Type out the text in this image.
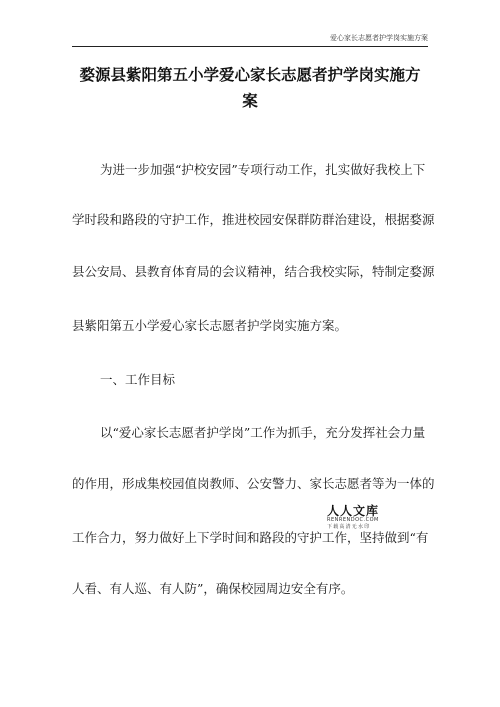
爱心家长志愿者护学岗实施方案
婺源县紫阳第五小学爱心家长志愿者护学岗实施方
案
为进一步加强“护校安园”专项行动工作，扎实做好我校上下
学时段和路段的守护工作，推进校园安保群防群治建设，根据婺源
县公安局、县教育体育局的会议精神，结合我校实际，特制定婺源
县紫阳第五小学爱心家长志愿者护学岗实施方案。
一、工作目标
以“爱心家长志愿者护学岗”工作为抓手，充分发挥社会力量
的作用，形成集校园值岗教师、公安警力、家长志愿者等为一体的
工作合力，努力做好上下学时间和路段的守护工作，坚持做到“有
人看、有人巡、有人防”，确保校园周边安全有序。
人人文库
RENRENDOC.COM
下载高清无水印
